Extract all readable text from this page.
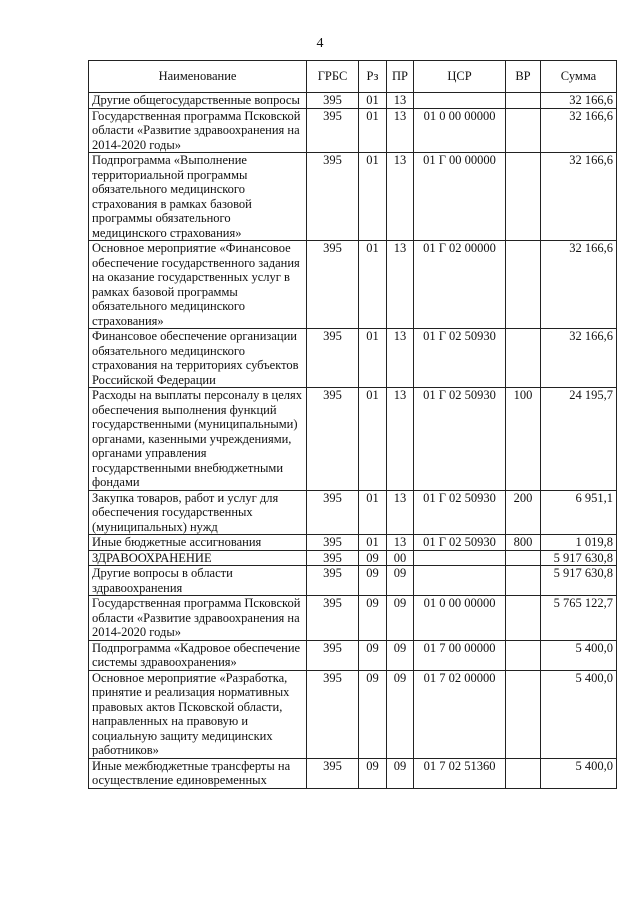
4
Наименование	ГРБС	Рз	ПР	ЦСР	ВР	Сумма
Другие общегосударственные вопросы	395	01	13			32 166,6
Государственная программа Псковской области «Развитие здравоохранения на 2014-2020 годы»	395	01	13	01 0 00 00000		32 166,6
Подпрограмма «Выполнение территориальной программы обязательного медицинского страхования в рамках базовой программы обязательного медицинского страхования»	395	01	13	01 Г 00 00000		32 166,6
Основное мероприятие «Финансовое обеспечение государственного задания на оказание государственных услуг в рамках базовой программы обязательного медицинского страхования»	395	01	13	01 Г 02 00000		32 166,6
Финансовое обеспечение организации обязательного медицинского страхования на территориях субъектов Российской Федерации	395	01	13	01 Г 02 50930		32 166,6
Расходы на выплаты персоналу в целях обеспечения выполнения функций государственными (муниципальными) органами, казенными учреждениями, органами управления государственными внебюджетными фондами	395	01	13	01 Г 02 50930	100	24 195,7
Закупка товаров, работ и услуг для обеспечения государственных (муниципальных) нужд	395	01	13	01 Г 02 50930	200	6 951,1
Иные бюджетные ассигнования	395	01	13	01 Г 02 50930	800	1 019,8
ЗДРАВООХРАНЕНИЕ	395	09	00			5 917 630,8
Другие вопросы в области здравоохранения	395	09	09			5 917 630,8
Государственная программа Псковской области «Развитие здравоохранения на 2014-2020 годы»	395	09	09	01 0 00 00000		5 765 122,7
Подпрограмма «Кадровое обеспечение системы здравоохранения»	395	09	09	01 7 00 00000		5 400,0
Основное мероприятие «Разработка, принятие и реализация нормативных правовых актов Псковской области, направленных на правовую и социальную защиту медицинских работников»	395	09	09	01 7 02 00000		5 400,0
Иные межбюджетные трансферты на осуществление единовременных	395	09	09	01 7 02 51360		5 400,0
